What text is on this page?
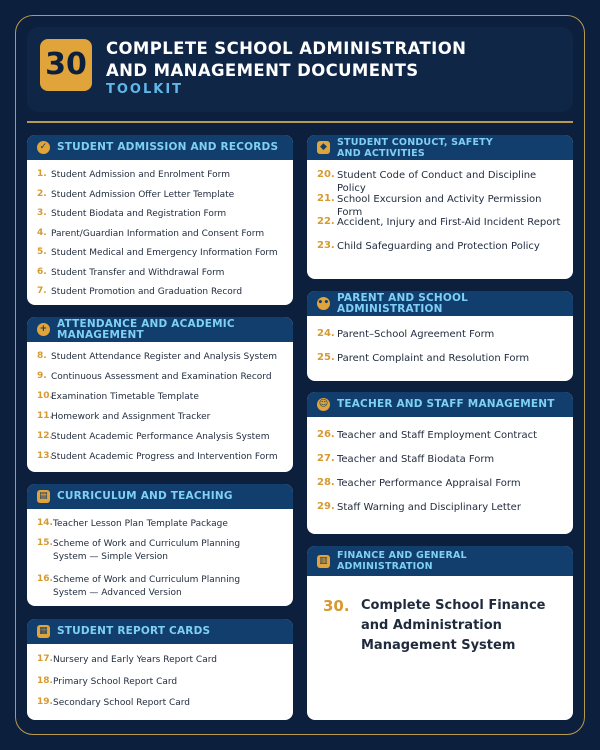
30	COMPLETE SCHOOL ADMINISTRATION
AND MANAGEMENT DOCUMENTS
TOOLKIT
✓ STUDENT ADMISSION AND RECORDS
1. Student Admission and Enrolment Form
2. Student Admission Offer Letter Template
3. Student Biodata and Registration Form
4. Parent/Guardian Information and Consent Form
5. Student Medical and Emergency Information Form
6. Student Transfer and Withdrawal Form
7. Student Promotion and Graduation Record
+ ATTENDANCE AND ACADEMIC MANAGEMENT
8. Student Attendance Register and Analysis System
9. Continuous Assessment and Examination Record
10.
Examination Timetable Template
11.
Homework and Assignment Tracker
12.
Student Academic Performance Analysis System
13.
Student Academic Progress and Intervention Form
▤ CURRICULUM AND TEACHING
14. Teacher Lesson Plan Template Package
15. Scheme of Work and Curriculum Planning
System — Simple Version
16. Scheme of Work and Curriculum Planning
System — Advanced Version
▦ STUDENT REPORT CARDS
17. Nursery and Early Years Report Card
18. Primary School Report Card
19. Secondary School Report Card
◆	STUDENT CONDUCT, SAFETY
AND ACTIVITIES
20. Student Code of Conduct and Discipline Policy
21. School Excursion and Activity Permission Form
22. Accident, Injury and First-Aid Incident Report
23. Child Safeguarding and Protection Policy
•• PARENT AND SCHOOL ADMINISTRATION
24. Parent–School Agreement Form
25. Parent Complaint and Resolution Form
☺ TEACHER AND STAFF MANAGEMENT
26. Teacher and Staff Employment Contract
27. Teacher and Staff Biodata Form
28. Teacher Performance Appraisal Form
29. Staff Warning and Disciplinary Letter
▥ FINANCE AND GENERAL
ADMINISTRATION
30. Complete School Finance
and Administration
Management System
